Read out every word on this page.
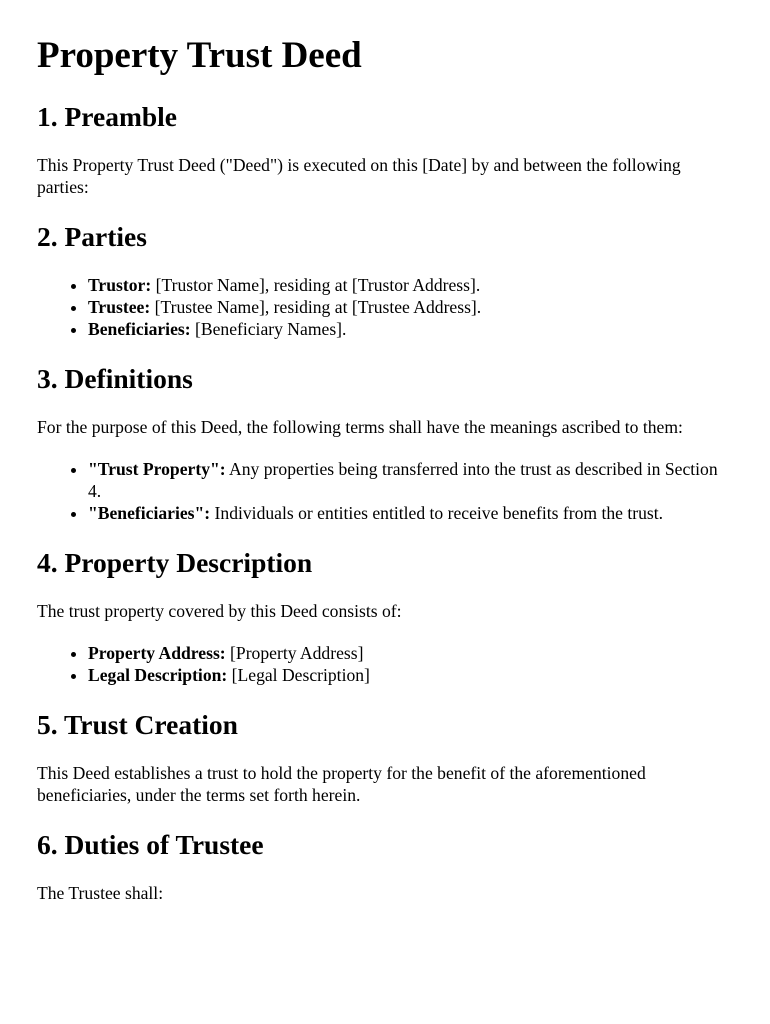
Property Trust Deed
1. Preamble

This Property Trust Deed ("Deed") is executed on this [Date] by and between the following parties:

2. Parties
• Trustor: [Trustor Name], residing at [Trustor Address].
• Trustee: [Trustee Name], residing at [Trustee Address].
• Beneficiaries: [Beneficiary Names].
3. Definitions

For the purpose of this Deed, the following terms shall have the meanings ascribed to them:

• "Trust Property": Any properties being transferred into the trust as described in Section 4.
• "Beneficiaries": Individuals or entities entitled to receive benefits from the trust.
4. Property Description

The trust property covered by this Deed consists of:

• Property Address: [Property Address]
• Legal Description: [Legal Description]
5. Trust Creation

This Deed establishes a trust to hold the property for the benefit of the aforementioned beneficiaries, under the terms set forth herein.

6. Duties of Trustee

The Trustee shall:
